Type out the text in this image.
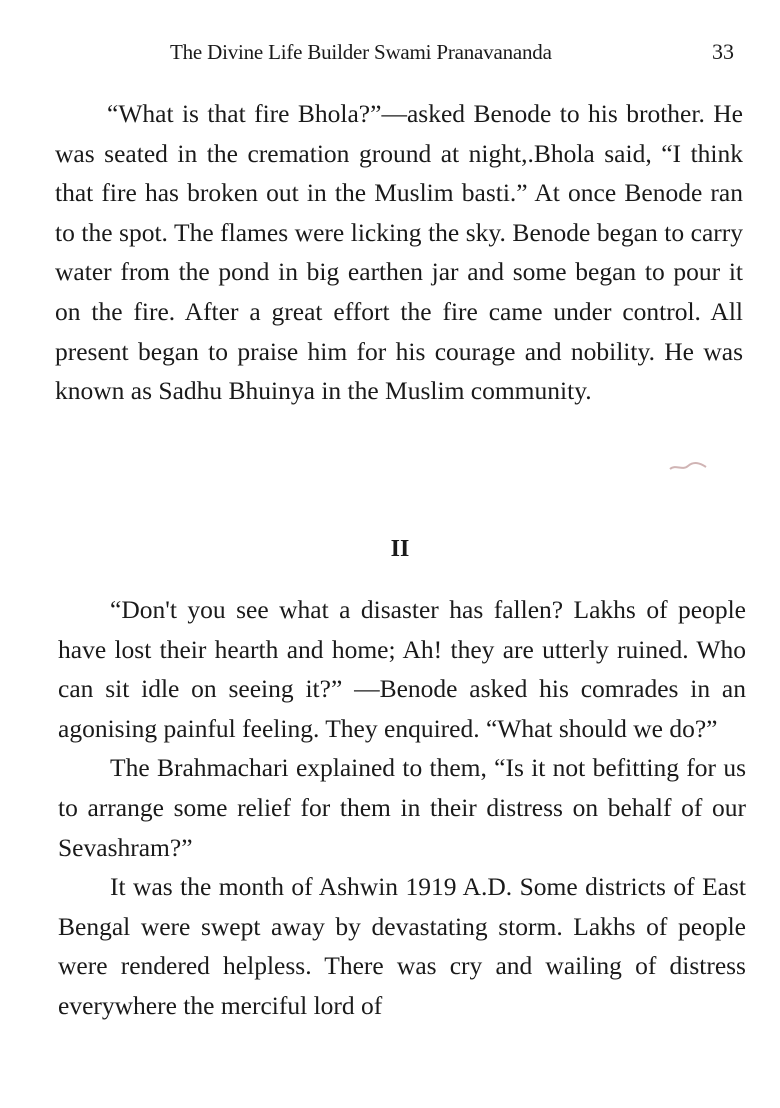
The Divine Life Builder Swami Pranavananda	33

“What is that fire Bhola?”—asked Benode to his brother. He was seated in the cremation ground at night,.Bhola said, “I think that fire has broken out in the Muslim basti.” At once Benode ran to the spot. The flames were licking the sky. Benode began to carry water from the pond in big earthen jar and some began to pour it on the fire. After a great effort the fire came under control. All present began to praise him for his courage and nobility. He was known as Sadhu Bhuinya in the Muslim community.

II

“Don't you see what a disaster has fallen? Lakhs of people have lost their hearth and home; Ah! they are utterly ruined. Who can sit idle on seeing it?” —Benode asked his comrades in an agonising painful feeling. They enquired. “What should we do?”

The Brahmachari explained to them, “Is it not befitting for us to arrange some relief for them in their distress on behalf of our Sevashram?”

It was the month of Ashwin 1919 A.D. Some districts of East Bengal were swept away by devastating storm. Lakhs of people were rendered helpless. There was cry and wailing of distress everywhere the merciful lord of
